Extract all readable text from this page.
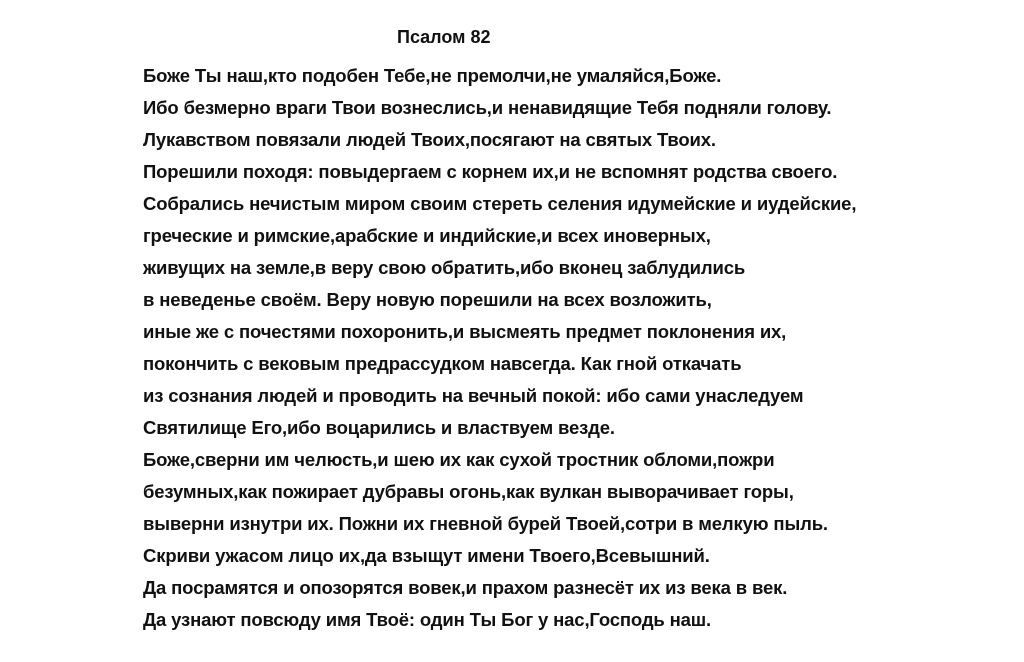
Псалом 82
Боже Ты наш,кто подобен Тебе,не премолчи,не умаляйся,Боже.
Ибо безмерно враги Твои вознеслись,и ненавидящие Тебя подняли голову.
Лукавством повязали людей Твоих,посягают на святых Твоих.
Порешили походя: повыдергаем с корнем их,и не вспомнят родства своего.
Собрались нечистым миром своим стереть селения идумейские и иудейские,
греческие и римские,арабские и индийские,и всех иноверных,
живущих на земле,в веру свою обратить,ибо вконец заблудились
в неведенье своём. Веру новую порешили на всех возложить,
иные же с почестями похоронить,и высмеять предмет поклонения их,
покончить с вековым предрассудком навсегда. Как гной откачать
из сознания людей и проводить на вечный покой: ибо сами унаследуем
Святилище Его,ибо воцарились и властвуем везде.
Боже,сверни им челюсть,и шею их как сухой тростник обломи,пожри
безумных,как пожирает дубравы огонь,как вулкан выворачивает горы,
выверни изнутри их. Пожни их гневной бурей Твоей,сотри в мелкую пыль.
Скриви ужасом лицо их,да взыщут имени Твоего,Всевышний.
Да посрамятся и опозорятся вовек,и прахом разнесёт их из века в век.
Да узнают повсюду имя Твоё: один Ты Бог у нас,Господь наш.
